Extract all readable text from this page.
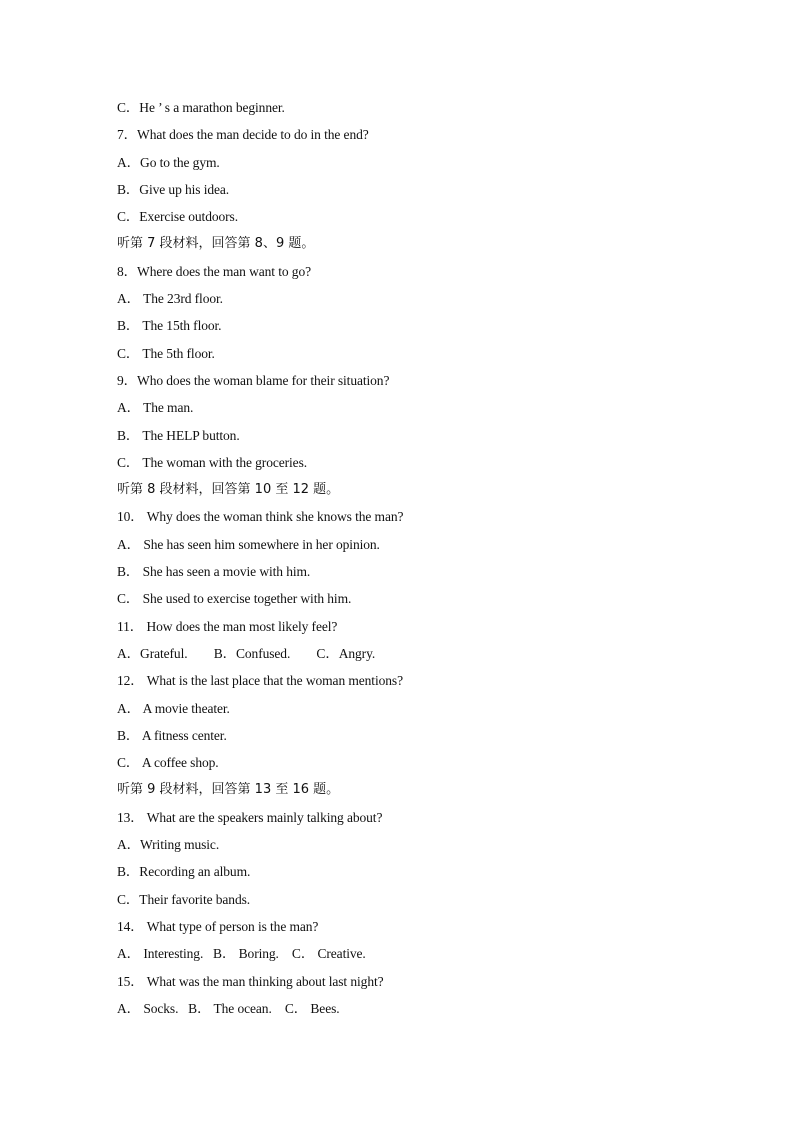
C．He ’ s a marathon beginner.
7．What does the man decide to do in the end?
A．Go to the gym.
B．Give up his idea.
C．Exercise outdoors.
听第 7 段材料，回答第 8、9 题。
8．Where does the man want to go?
A． The 23rd floor.
B． The 15th floor.
C． The 5th floor.
9．Who does the woman blame for their situation?
A． The man.
B． The HELP button.
C． The woman with the groceries.
听第 8 段材料，回答第 10 至 12 题。
10． Why does the woman think she knows the man?
A． She has seen him somewhere in her opinion.
B． She has seen a movie with him.
C． She used to exercise together with him.
11． How does the man most likely feel?
A．Grateful.        B．Confused.        C．Angry.
12． What is the last place that the woman mentions?
A． A movie theater.
B． A fitness center.
C． A coffee shop.
听第 9 段材料，回答第 13 至 16 题。
13． What are the speakers mainly talking about?
A．Writing music.
B．Recording an album.
C．Their favorite bands.
14． What type of person is the man?
A． Interesting.   B． Boring.    C． Creative.
15． What was the man thinking about last night?
A． Socks.   B． The ocean.    C． Bees.
